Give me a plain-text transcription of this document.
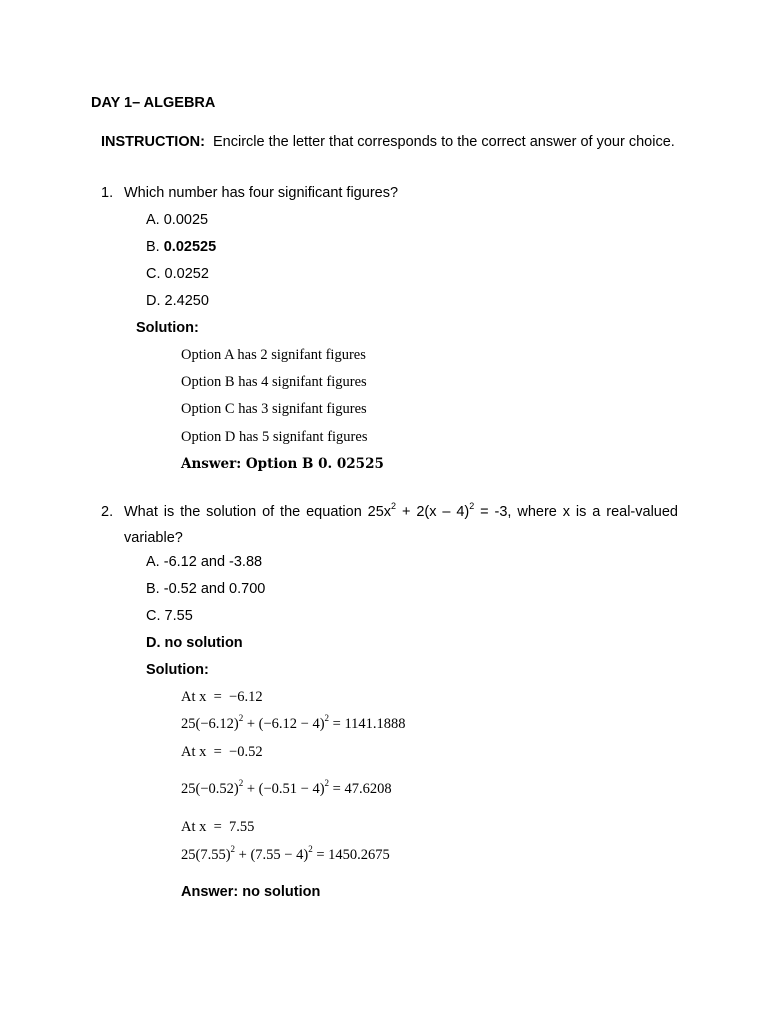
DAY 1– ALGEBRA
INSTRUCTION: Encircle the letter that corresponds to the correct answer of your choice.
1. Which number has four significant figures?
A. 0.0025
B. 0.02525
C. 0.0252
D. 2.4250
Solution:
Option A has 2 signifant figures
Option B has 4 signifant figures
Option C has 3 signifant figures
Option D has 5 signifant figures
Answer: Option B 0. 02525
2. What is the solution of the equation $25x^2 + 2(x - 4)^2 = -3$, where x is a real-valued variable?
A. -6.12 and -3.88
B. -0.52 and 0.700
C. 7.55
D. no solution
Solution:
At x  =  −6.12
$25(-6.12)^2 + (-6.12 - 4)^2 = 1141.1888$
At x  =  −0.52
$25(-0.52)^2 + (-0.51 - 4)^2 = 47.6208$
At x  =  7.55
$25(7.55)^2 + (7.55 - 4)^2 = 1450.2675$
Answer: no solution
